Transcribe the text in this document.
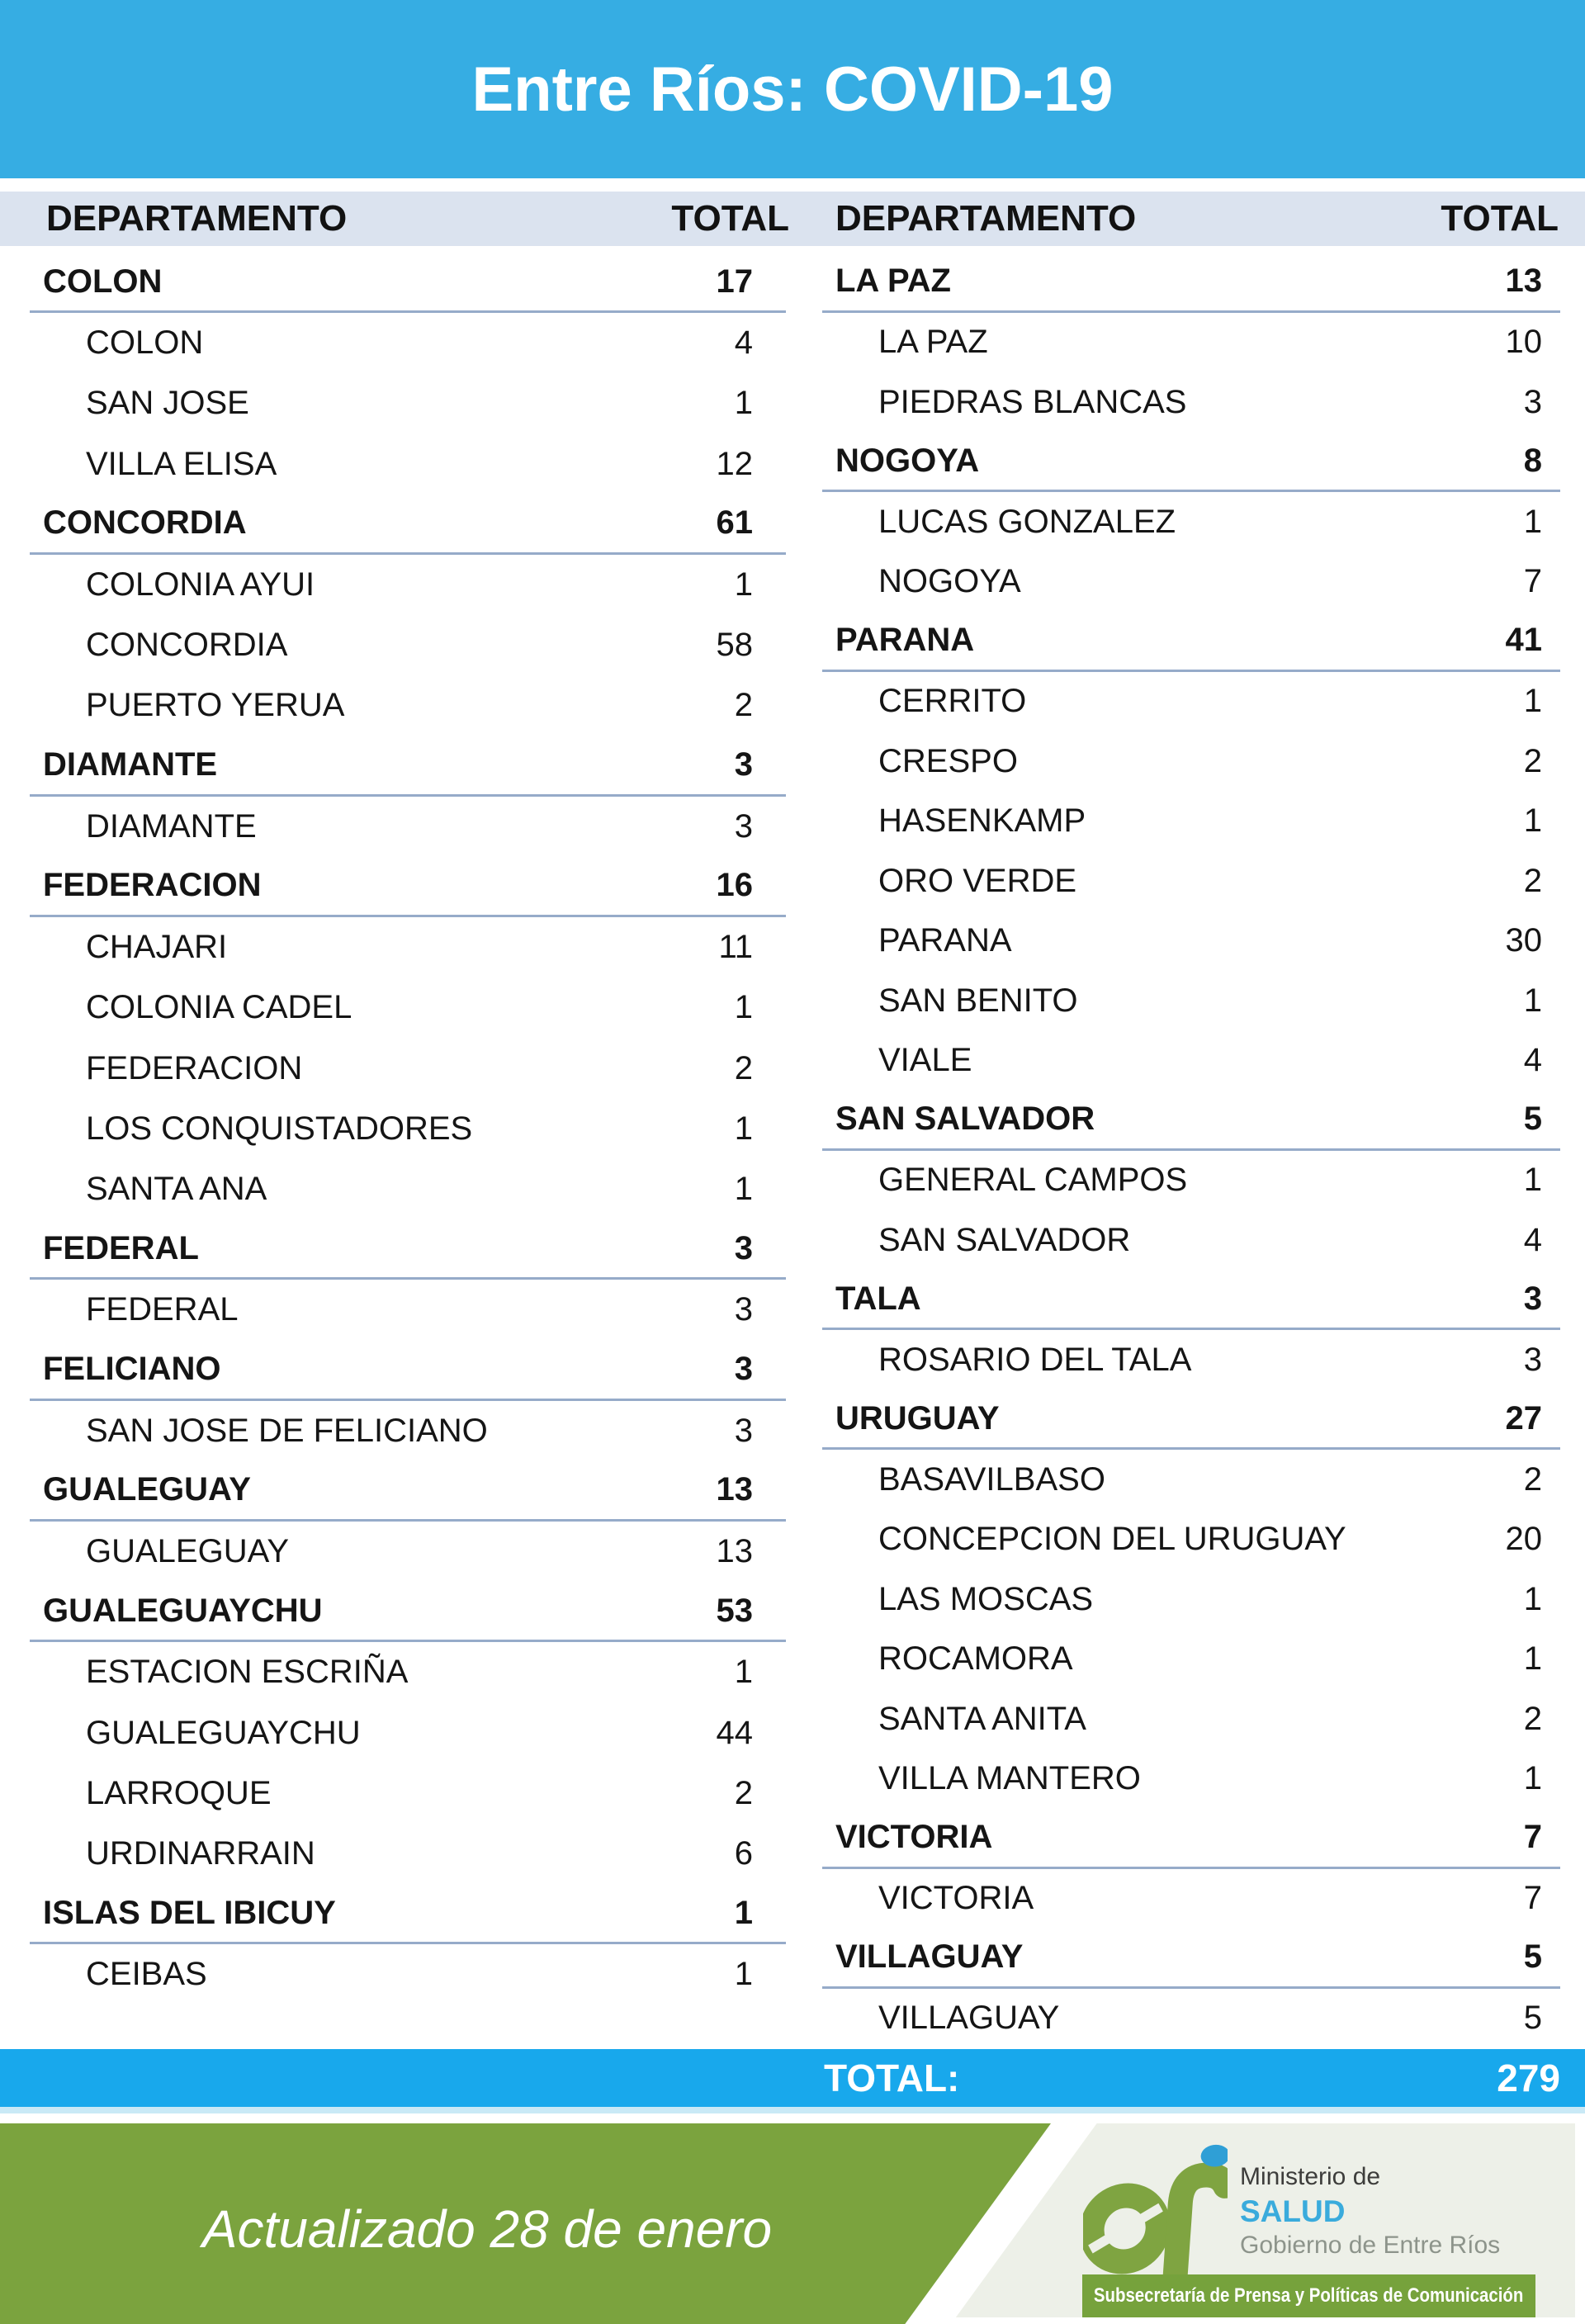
Entre Ríos: COVID-19
DEPARTAMENTO	TOTAL DEPARTAMENTO	TOTAL
COLON	17
COLON	4
SAN JOSE	1
VILLA ELISA	12
CONCORDIA	61
COLONIA AYUI	1
CONCORDIA	58
PUERTO YERUA	2
DIAMANTE	3
DIAMANTE	3
FEDERACION	16
CHAJARI	11
COLONIA CADEL	1
FEDERACION	2
LOS CONQUISTADORES	1
SANTA ANA	1
FEDERAL	3
FEDERAL	3
FELICIANO	3
SAN JOSE DE FELICIANO	3
GUALEGUAY	13
GUALEGUAY	13
GUALEGUAYCHU	53
ESTACION ESCRIÑA	1
GUALEGUAYCHU	44
LARROQUE	2
URDINARRAIN	6
ISLAS DEL IBICUY	1
CEIBAS	1
LA PAZ	13
LA PAZ	10
PIEDRAS BLANCAS	3
NOGOYA	8
LUCAS GONZALEZ	1
NOGOYA	7
PARANA	41
CERRITO	1
CRESPO	2
HASENKAMP	1
ORO VERDE	2
PARANA	30
SAN BENITO	1
VIALE	4
SAN SALVADOR	5
GENERAL CAMPOS	1
SAN SALVADOR	4
TALA	3
ROSARIO DEL TALA	3
URUGUAY	27
BASAVILBASO	2
CONCEPCION DEL URUGUAY	20
LAS MOSCAS	1
ROCAMORA	1
SANTA ANITA	2
VILLA MANTERO	1
VICTORIA	7
VICTORIA	7
VILLAGUAY	5
VILLAGUAY	5
TOTAL:	279
Actualizado 28 de enero
Ministerio de
SALUD
Gobierno de Entre Ríos
Subsecretaría de Prensa y Políticas de Comunicación
